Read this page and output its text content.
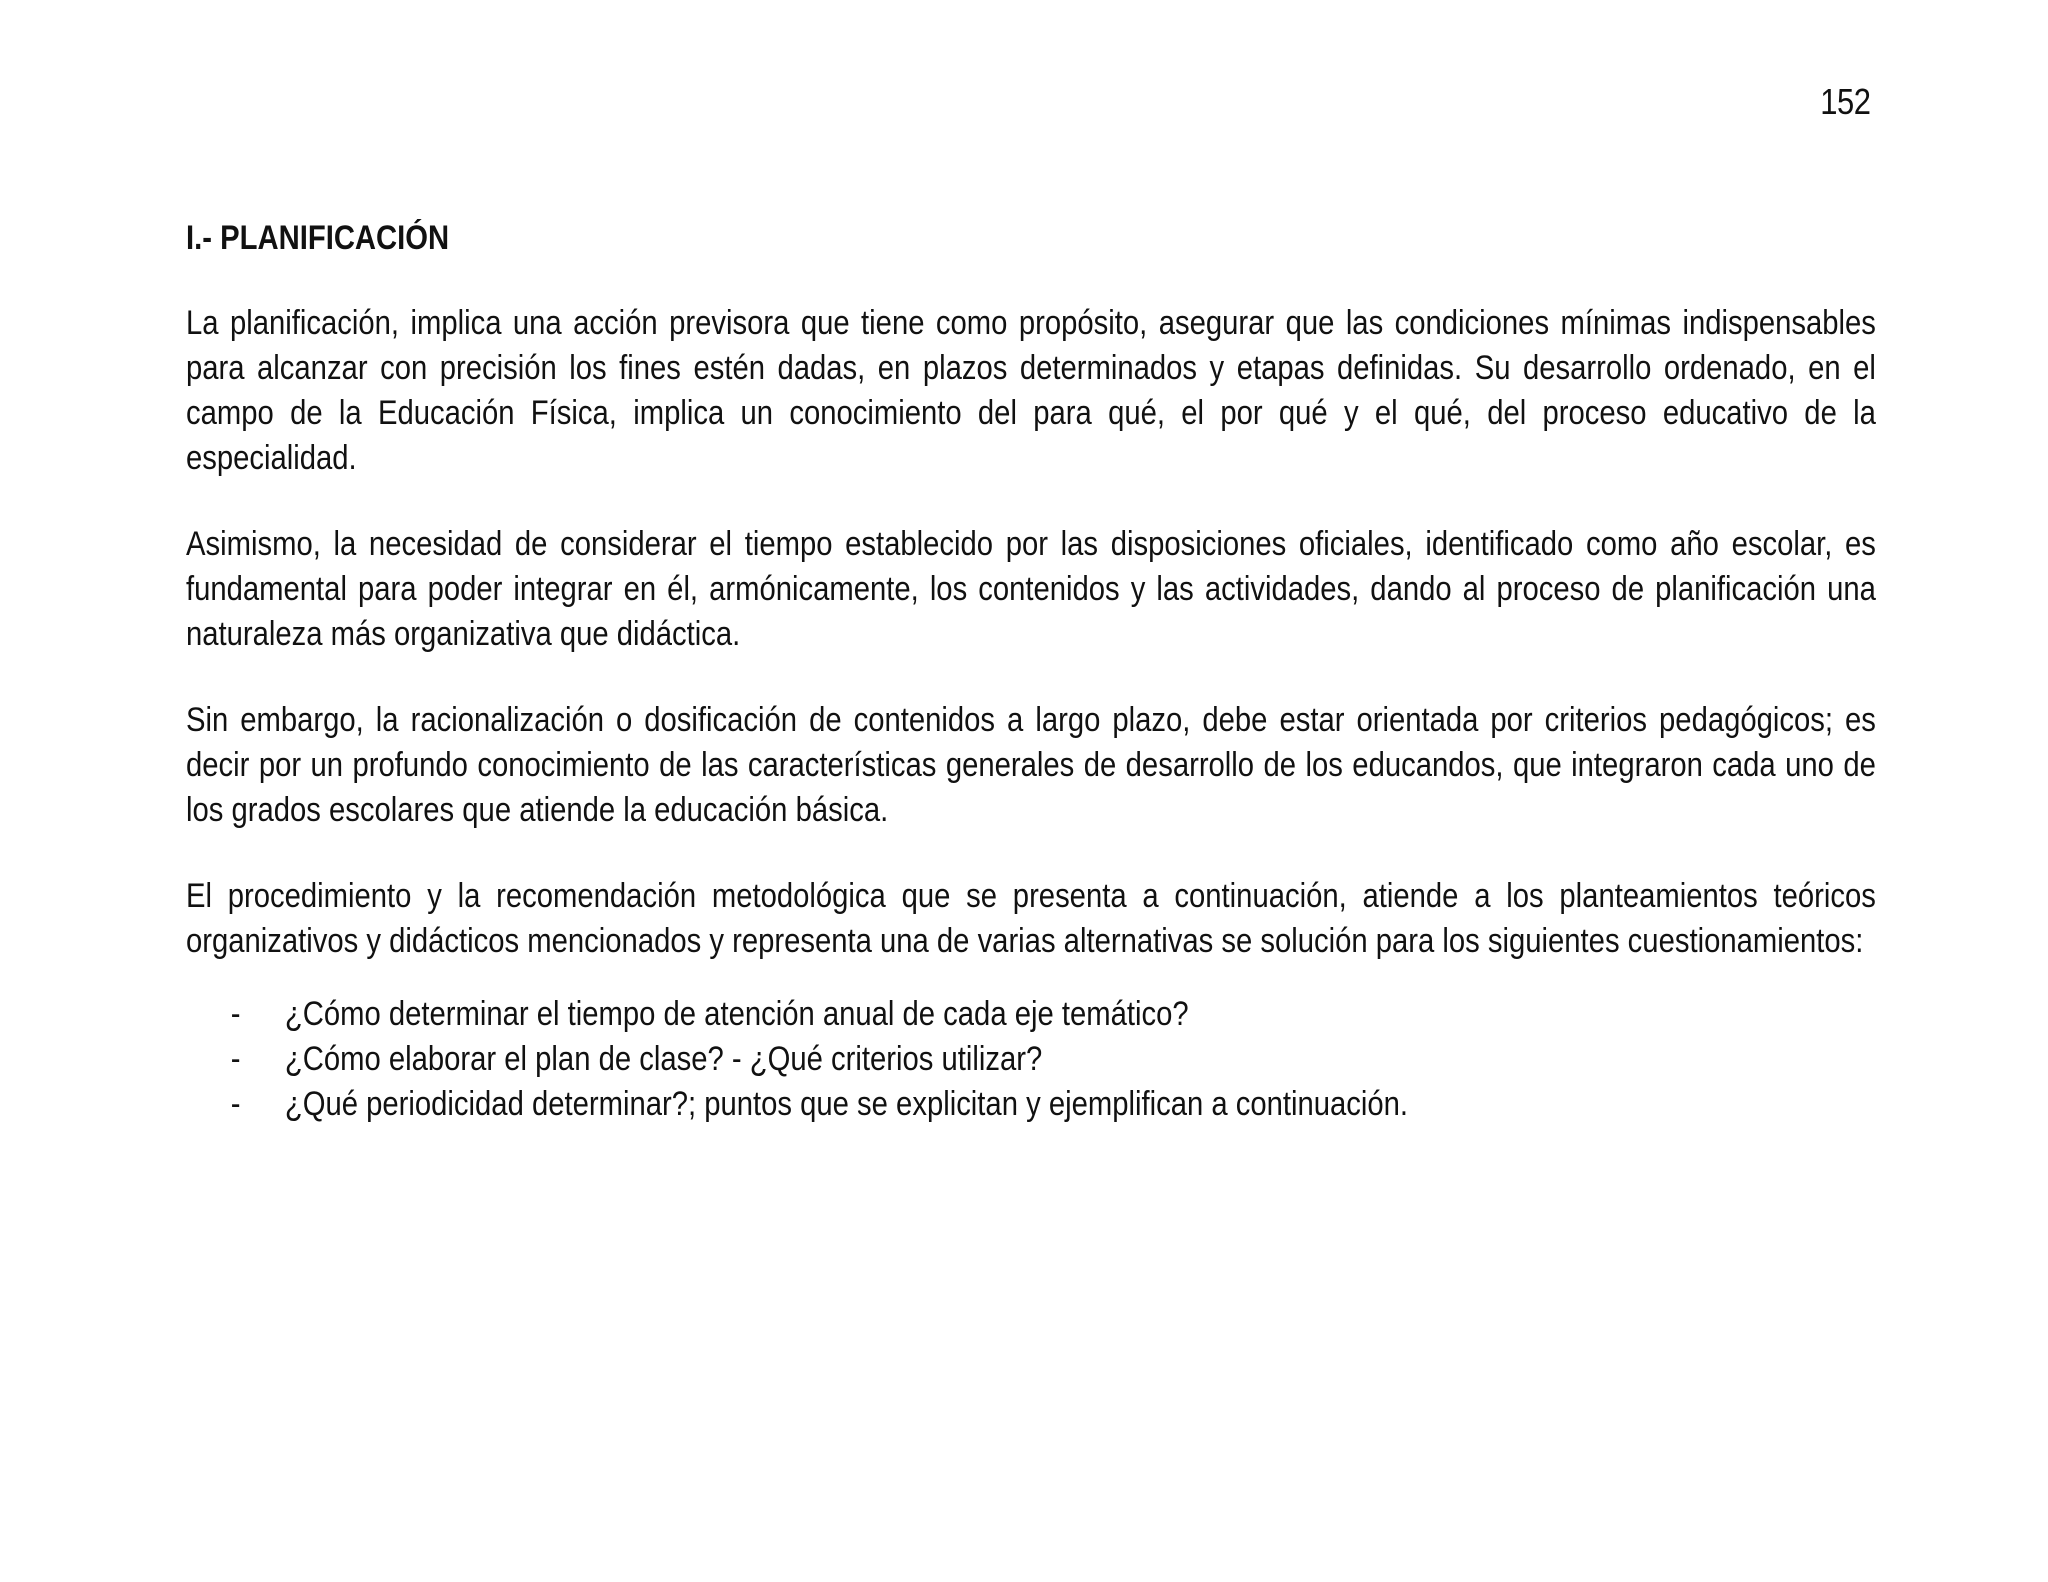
152
I.- PLANIFICACIÓN

La planificación, implica una acción previsora que tiene como propósito, asegurar que las condiciones mínimas indispensables para alcanzar con precisión los fines estén dadas, en plazos determinados y etapas definidas. Su desarrollo ordenado, en el campo de la Educación Física, implica un conocimiento del para qué, el por qué y el qué, del proceso educativo de la especialidad.

Asimismo, la necesidad de considerar el tiempo establecido por las disposiciones oficiales, identificado como año escolar, es fundamental para poder integrar en él, armónicamente, los contenidos y las actividades, dando al proceso de planificación una naturaleza más organizativa que didáctica.

Sin embargo, la racionalización o dosificación de contenidos a largo plazo, debe estar orientada por criterios pedagógicos; es decir por un profundo conocimiento de las características generales de desarrollo de los educandos, que integraron cada uno de los grados escolares que atiende la educación básica.

El procedimiento y la recomendación metodológica que se presenta a continuación, atiende a los planteamientos teóricos organizativos y didácticos mencionados y representa una de varias alternativas se solución para los siguientes cuestionamientos:

- ¿Cómo determinar el tiempo de atención anual de cada eje temático?
- ¿Cómo elaborar el plan de clase? - ¿Qué criterios utilizar?
- ¿Qué periodicidad determinar?; puntos que se explicitan y ejemplifican a continuación.
